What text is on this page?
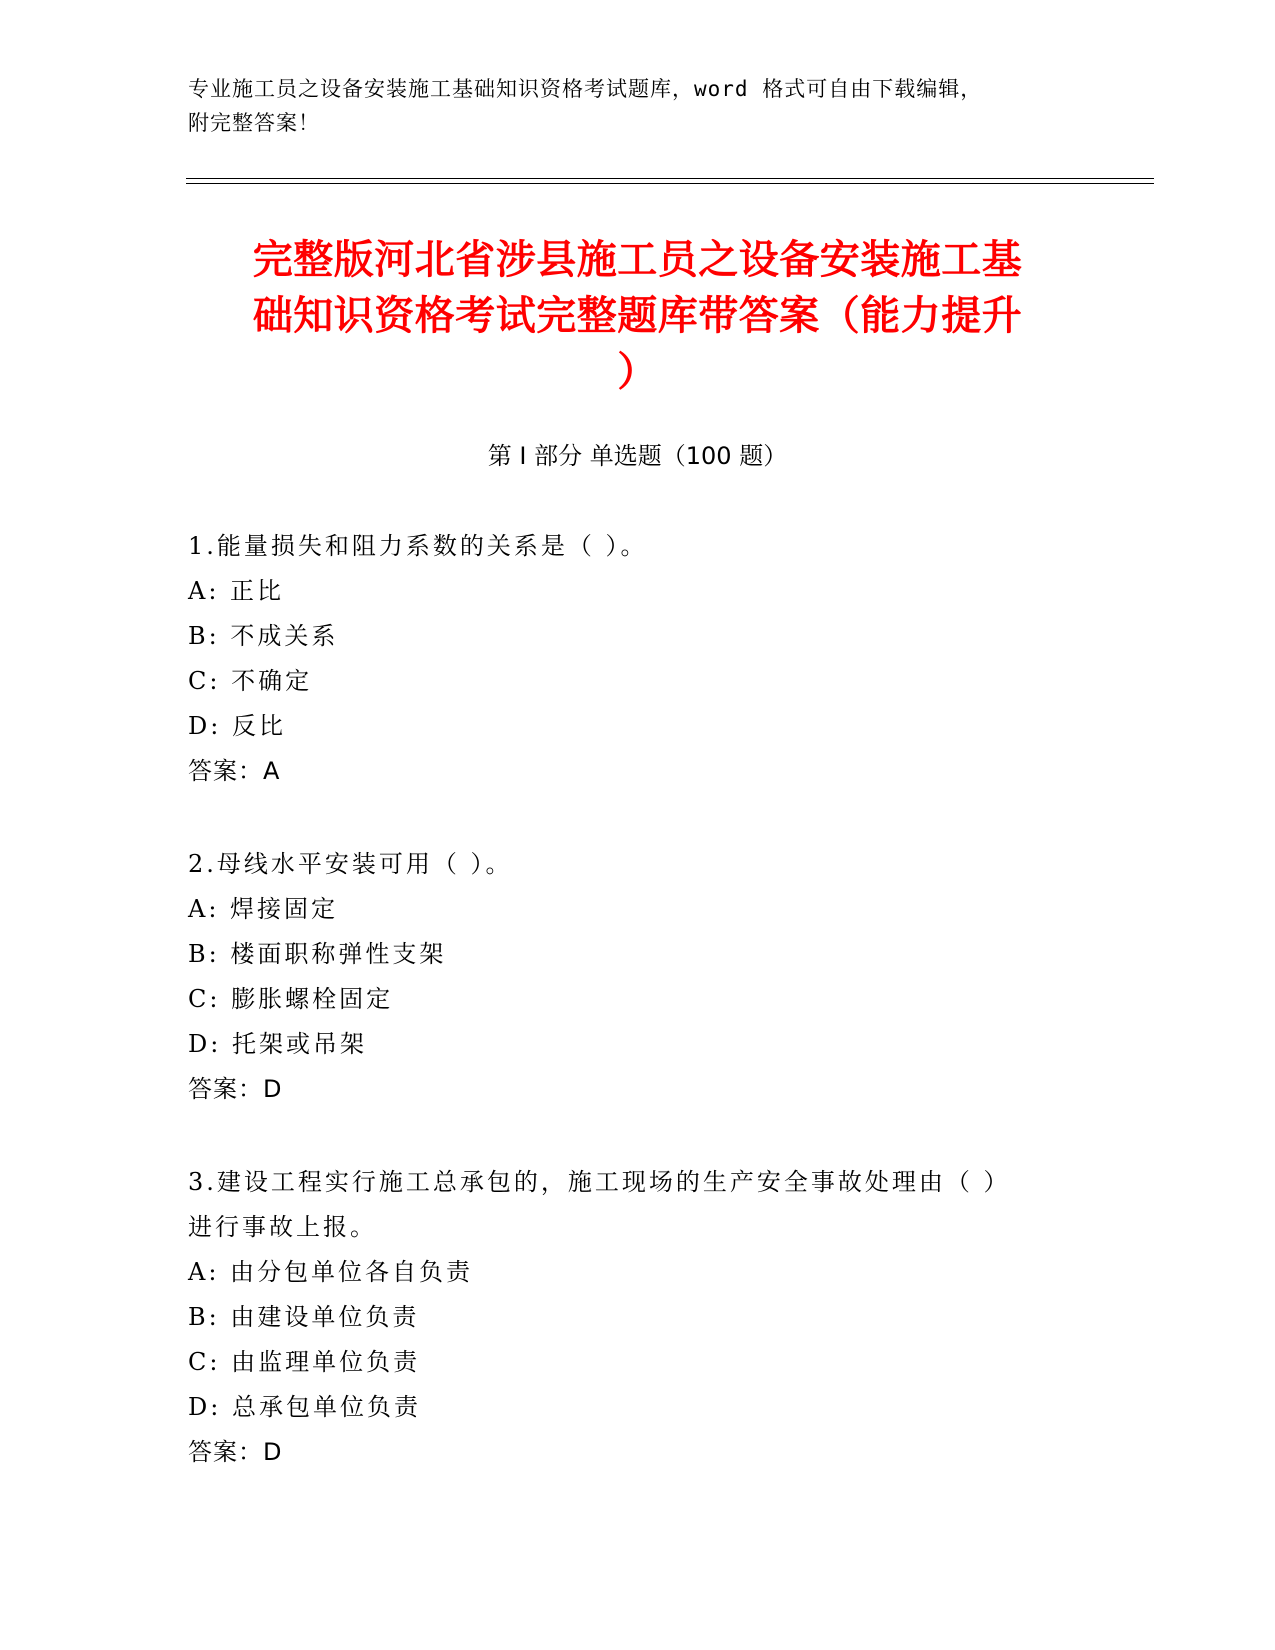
专业施工员之设备安装施工基础知识资格考试题库，word 格式可自由下载编辑，
附完整答案！
完整版河北省涉县施工员之设备安装施工基
础知识资格考试完整题库带答案（能力提升
）
第 I 部分 单选题（100 题）
1.能量损失和阻力系数的关系是（ ）。
A: 正比
B: 不成关系
C: 不确定
D: 反比
答案：A
2.母线水平安装可用（ ）。
A: 焊接固定
B: 楼面职称弹性支架
C: 膨胀螺栓固定
D: 托架或吊架
答案：D
3.建设工程实行施工总承包的，施工现场的生产安全事故处理由（ ）
进行事故上报。
A: 由分包单位各自负责
B: 由建设单位负责
C: 由监理单位负责
D: 总承包单位负责
答案：D
